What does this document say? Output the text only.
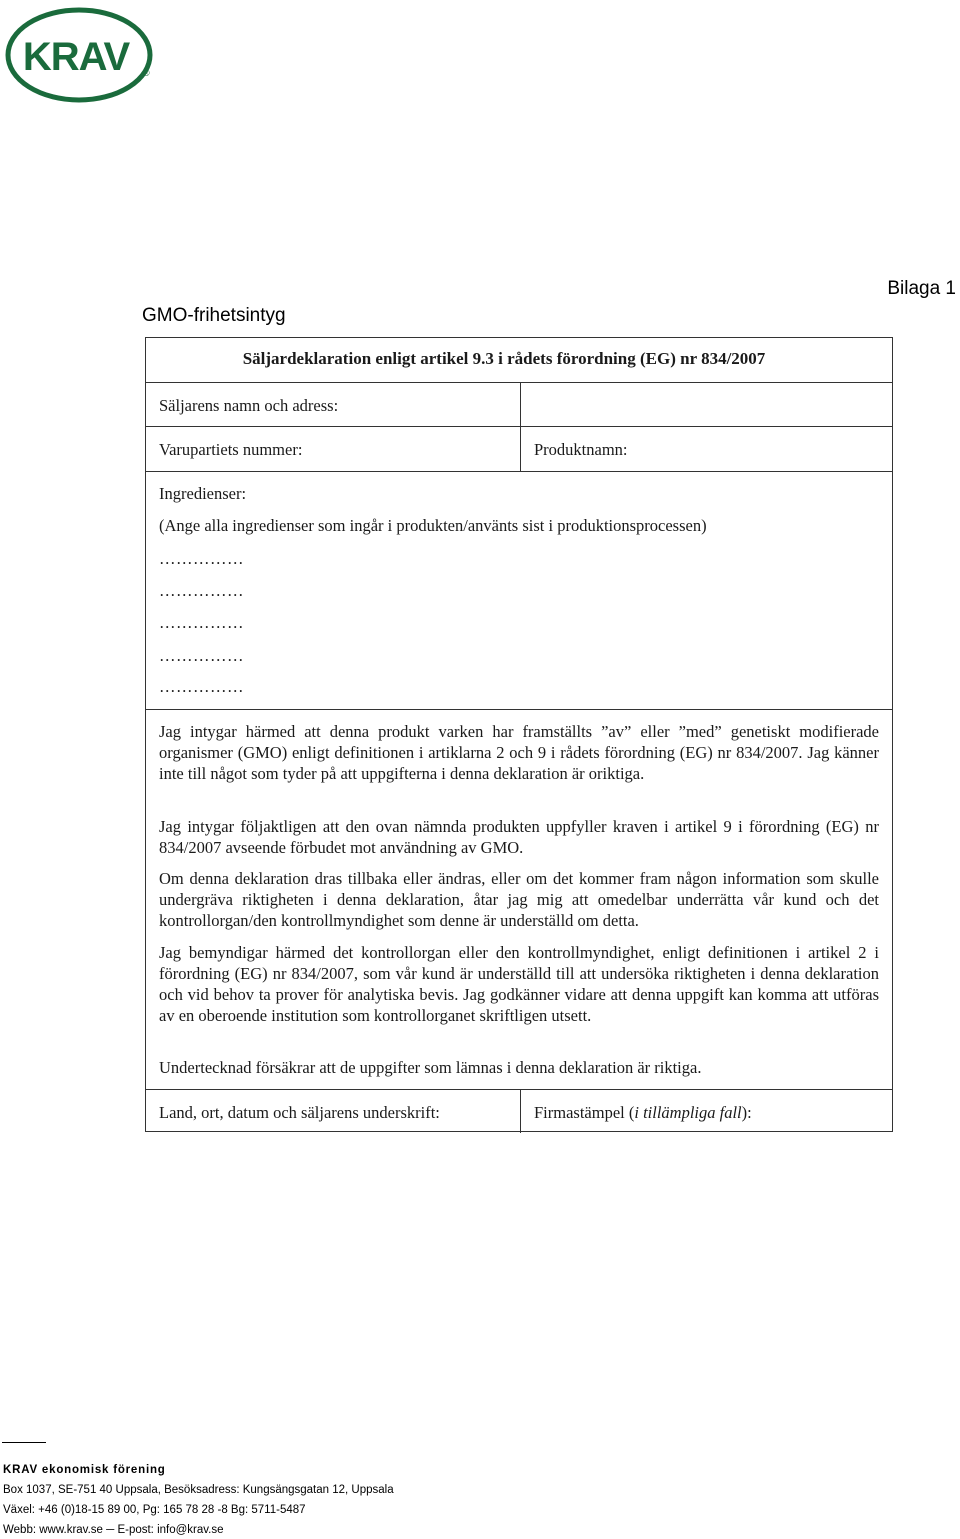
KRAV ®
Bilaga 1
GMO-frihetsintyg
Säljardeklaration enligt artikel 9.3 i rådets förordning (EG) nr 834/2007
Säljarens namn och adress:
Varupartiets nummer:	Produktnamn:
Ingredienser:
(Ange alla ingredienser som ingår i produkten/använts sist i produktionsprocessen)
……………
……………
……………
……………
……………
Jag intygar härmed att denna produkt varken har framställts ”av” eller ”med” genetiskt modifierade organismer (GMO) enligt definitionen i artiklarna 2 och 9 i rådets förordning (EG) nr 834/2007. Jag känner inte till något som tyder på att uppgifterna i denna deklaration är oriktiga.
Jag intygar följaktligen att den ovan nämnda produkten uppfyller kraven i artikel 9 i förordning (EG) nr 834/2007 avseende förbudet mot användning av GMO.
Om denna deklaration dras tillbaka eller ändras, eller om det kommer fram någon information som skulle undergräva riktigheten i denna deklaration, åtar jag mig att omedelbar underrätta vår kund och det kontrollorgan/den kontrollmyndighet som denne är underställd om detta.
Jag bemyndigar härmed det kontrollorgan eller den kontrollmyndighet, enligt definitionen i artikel 2 i förordning (EG) nr 834/2007, som vår kund är underställd till att undersöka riktigheten i denna deklaration och vid behov ta prover för analytiska bevis. Jag godkänner vidare att denna uppgift kan komma att utföras av en oberoende institution som kontrollorganet skriftligen utsett.
Undertecknad försäkrar att de uppgifter som lämnas i denna deklaration är riktiga.
Land, ort, datum och säljarens underskrift:	Firmastämpel (i tillämpliga fall):
KRAV ekonomisk förening
Box 1037, SE-751 40 Uppsala, Besöksadress: Kungsängsgatan 12, Uppsala
Växel: +46 (0)18-15 89 00, Pg: 165 78 28 -8 Bg: 5711-5487
Webb: www.krav.se ─ E-post: info@krav.se
